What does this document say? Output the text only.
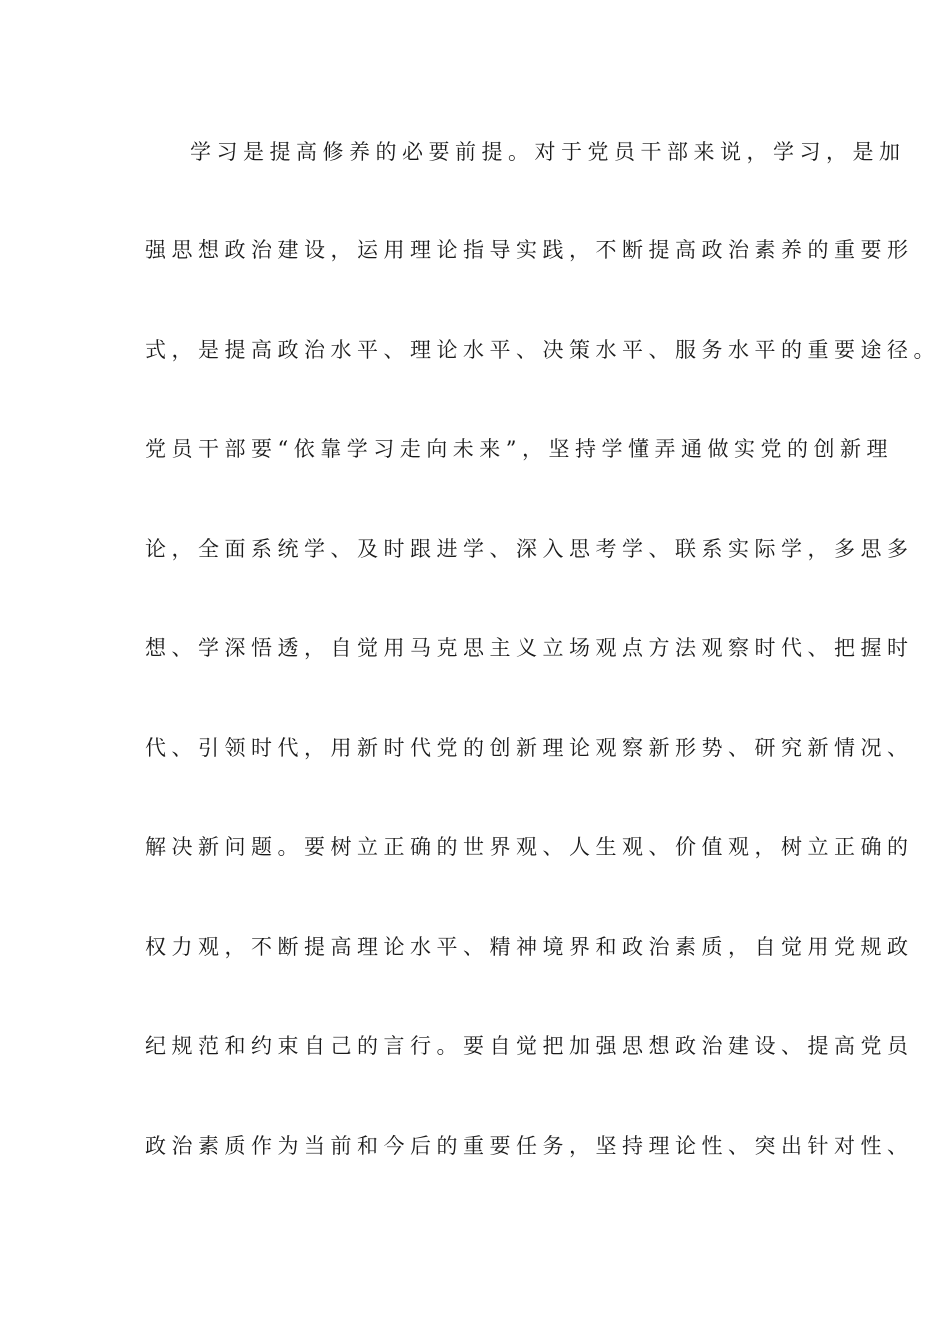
学习是提高修养的必要前提。对于党员干部来说，学习，是加
强思想政治建设，运用理论指导实践，不断提高政治素养的重要形
式，是提高政治水平、理论水平、决策水平、服务水平的重要途径。
党员干部要“依靠学习走向未来”，坚持学懂弄通做实党的创新理
论，全面系统学、及时跟进学、深入思考学、联系实际学，多思多
想、学深悟透，自觉用马克思主义立场观点方法观察时代、把握时
代、引领时代，用新时代党的创新理论观察新形势、研究新情况、
解决新问题。要树立正确的世界观、人生观、价值观，树立正确的
权力观，不断提高理论水平、精神境界和政治素质，自觉用党规政
纪规范和约束自己的言行。要自觉把加强思想政治建设、提高党员
政治素质作为当前和今后的重要任务，坚持理论性、突出针对性、
